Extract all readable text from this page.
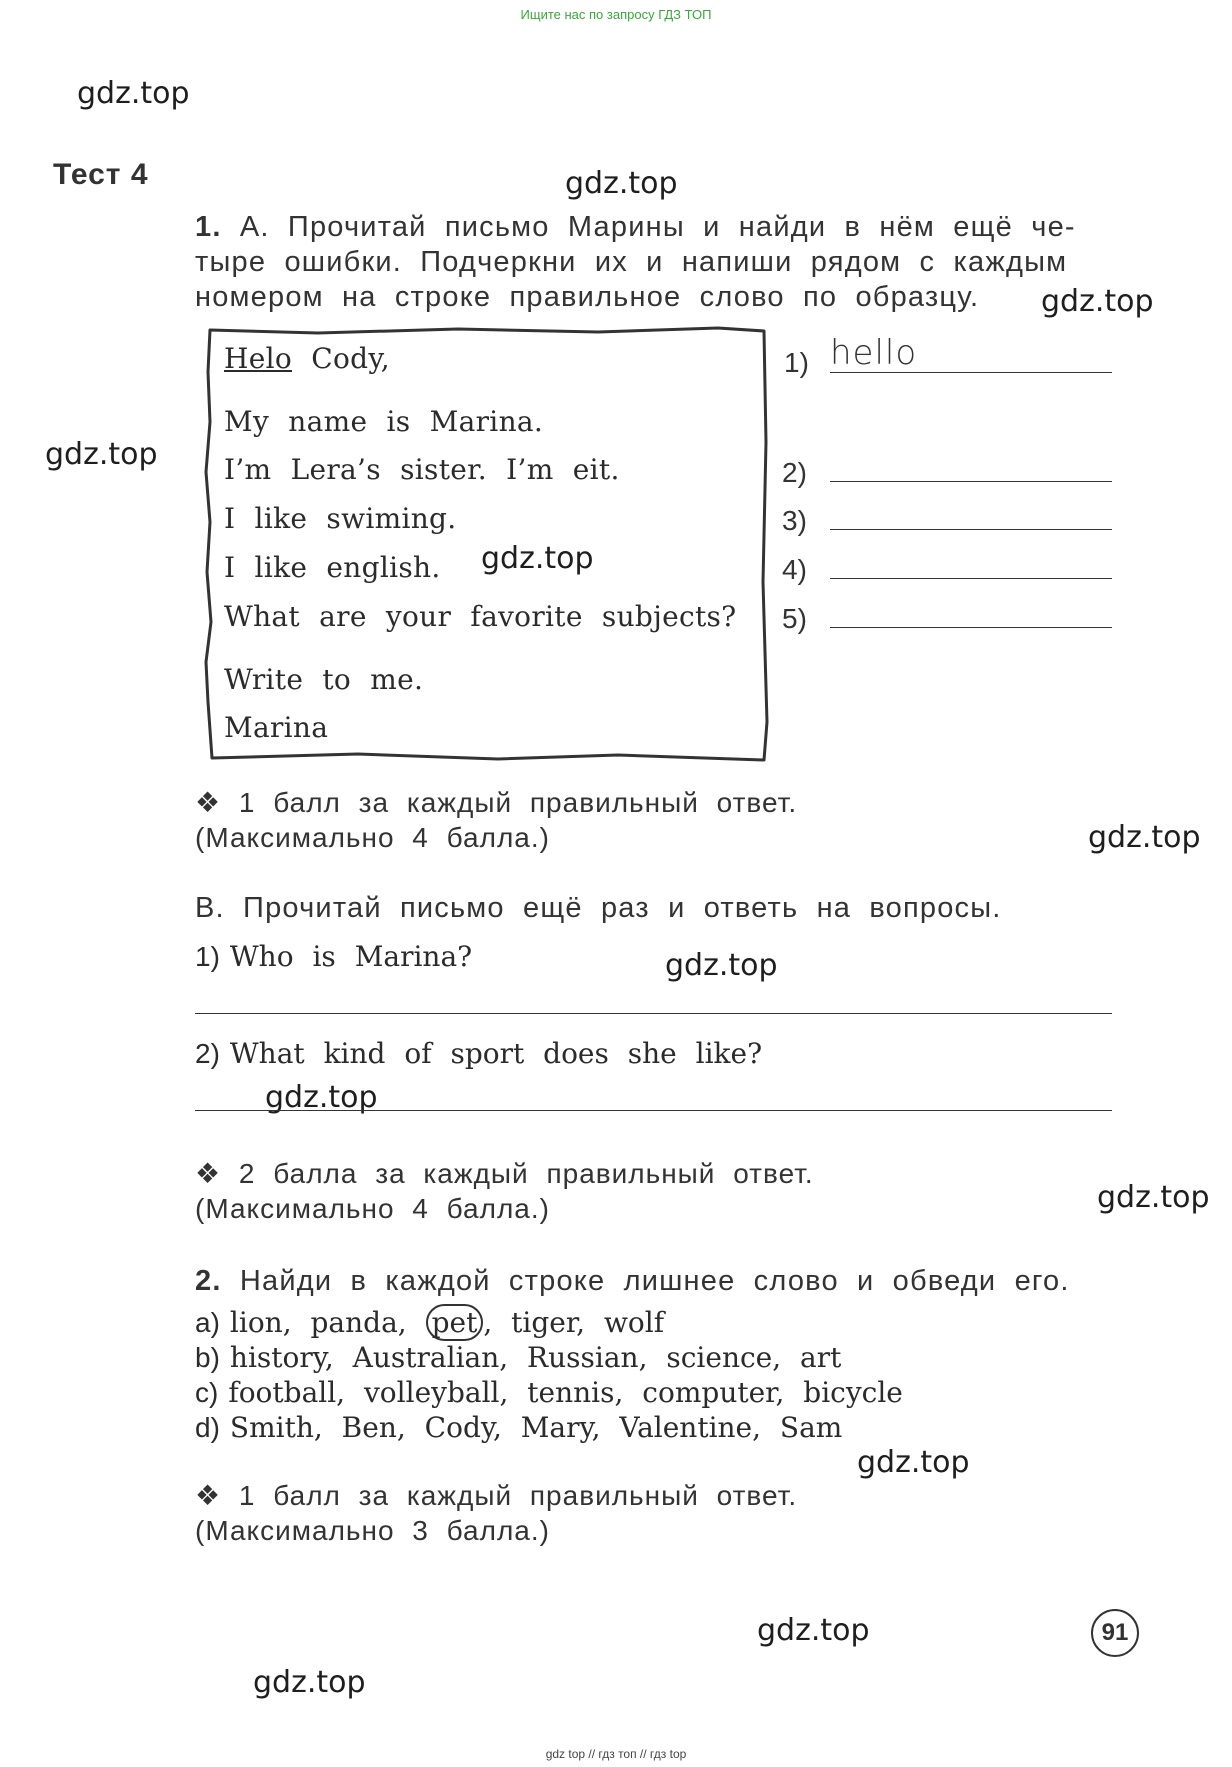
Ищите нас по запросу ГДЗ ТОП
gdz.top
gdz.top
gdz.top
gdz.top
gdz.top
gdz.top
gdz.top
gdz.top
gdz.top
gdz.top
gdz.top
gdz.top
Тест 4
1. А. Прочитай письмо Марины и найди в нём ещё че-
тыре ошибки. Подчеркни их и напиши рядом с каждым
номером на строке правильное слово по образцу.
Helo Cody,
My name is Marina.
I’m Lera’s sister. I’m eit.
I like swiming.
I like english.
What are your favorite subjects?
Write to me.
Marina
1) hello
2)
3)
4)
5)
❖ 1 балл за каждый правильный ответ.
(Максимально 4 балла.)
В. Прочитай письмо ещё раз и ответь на вопросы.
1) Who is Marina?
2) What kind of sport does she like?
❖ 2 балла за каждый правильный ответ.
(Максимально 4 балла.)
2. Найди в каждой строке лишнее слово и обведи его.
a) lion, panda, pet , tiger, wolf
b) history, Australian, Russian, science, art
c) football, volleyball, tennis, computer, bicycle
d) Smith, Ben, Cody, Mary, Valentine, Sam
❖ 1 балл за каждый правильный ответ.
(Максимально 3 балла.)
91
gdz top // гдз топ // гдз top
